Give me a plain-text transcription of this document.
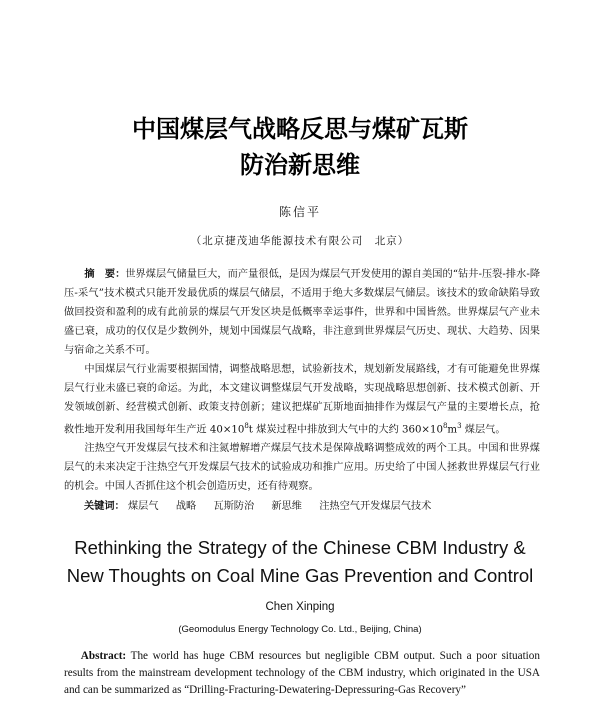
中国煤层气战略反思与煤矿瓦斯
防治新思维
陈信平
（北京捷茂迪华能源技术有限公司　北京）

摘　要：世界煤层气储量巨大，而产量很低，是因为煤层气开发使用的源自美国的“钻井-压裂-排水-降压-采气”技术模式只能开发最优质的煤层气储层，不适用于绝大多数煤层气储层。该技术的致命缺陷导致做回投资和盈利的成有此前景的煤层气开发区块是低概率幸运事件，世界和中国皆然。世界煤层气产业未盛已衰，成功的仅仅是少数例外，规划中国煤层气战略，非注意到世界煤层气历史、现状、大趋势、因果与宿命之关系不可。

中国煤层气行业需要根据国情，调整战略思想，试验新技术，规划新发展路线，才有可能避免世界煤层气行业未盛已衰的命运。为此，本文建议调整煤层气开发战略，实现战略思想创新、技术模式创新、开发领域创新、经营模式创新、政策支持创新；建议把煤矿瓦斯地面抽排作为煤层气产量的主要增长点，抢救性地开发利用我国每年生产近 $40\times 10^8t$ 煤炭过程中排放到大气中的大约 $360\times 10^8m^3$ 煤层气。

注热空气开发煤层气技术和注氮增解增产煤层气技术是保障战略调整成效的两个工具。中国和世界煤层气的未来决定于注热空气开发煤层气技术的试验成功和推广应用。历史给了中国人拯救世界煤层气行业的机会。中国人否抓住这个机会创造历史，还有待观察。

关键词： 煤层气 战略 瓦斯防治 新思维 注热空气开发煤层气技术
Rethinking the Strategy of the Chinese CBM Industry &
New Thoughts on Coal Mine Gas Prevention and Control
Chen Xinping
(Geomodulus Energy Technology Co. Ltd., Beijing, China)
Abstract: The world has huge CBM resources but negligible CBM output. Such a poor situation results from the mainstream development technology of the CBM industry, which originated in the USA and can be summarized as “Drilling-Fracturing-Dewatering-Depressuring-Gas Recovery”
